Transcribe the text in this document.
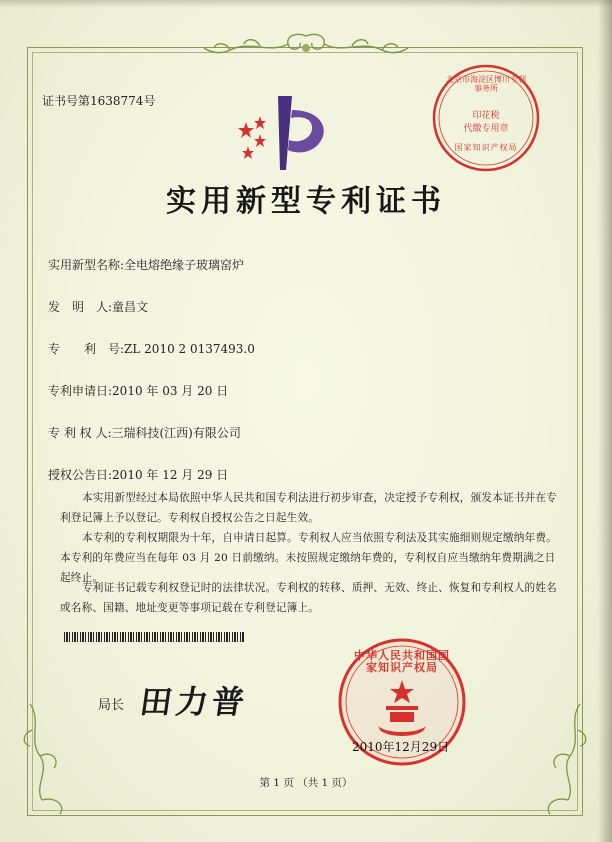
证书号第1638774号
北京市海淀区博川专利事务所
印花税
代缴专用章
国家知识产权局
实用新型专利证书
实用新型名称:全电熔绝缘子玻璃窑炉
发　明　人:童昌文
专　　利　号:ZL 2010 2 0137493.0
专利申请日:2010 年 03 月 20 日
专 利 权 人:三瑞科技(江西)有限公司
授权公告日:2010 年 12 月 29 日
本实用新型经过本局依照中华人民共和国专利法进行初步审查，决定授予专利权，颁发本证书并在专利登记簿上予以登记。专利权自授权公告之日起生效。
本专利的专利权期限为十年，自申请日起算。专利权人应当依照专利法及其实施细则规定缴纳年费。本专利的年费应当在每年 03 月 20 日前缴纳。未按照规定缴纳年费的，专利权自应当缴纳年费期满之日起终止。
专利证书记载专利权登记时的法律状况。专利权的转移、质押、无效、终止、恢复和专利权人的姓名或名称、国籍、地址变更等事项记载在专利登记簿上。
局长 田力普
中华人民共和国国家知识产权局
2010年12月29日
第 1 页 （共 1 页）
